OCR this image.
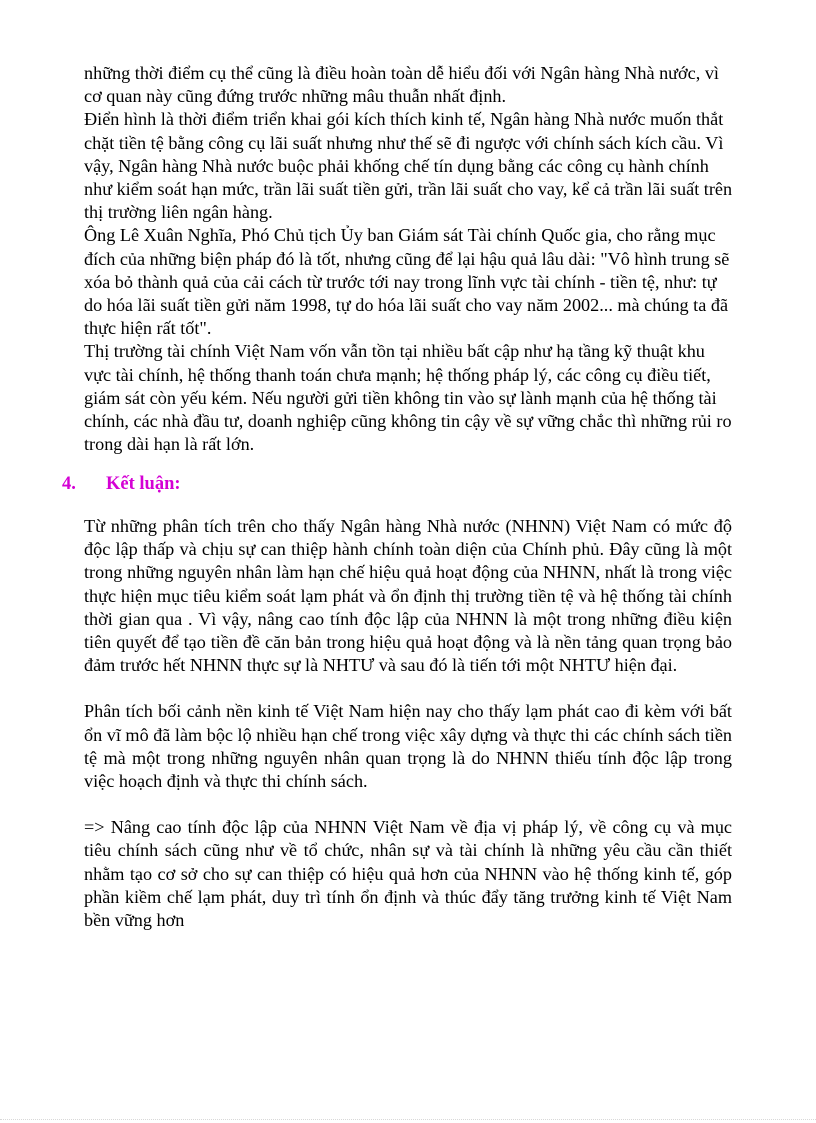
những thời điểm cụ thể cũng là điều hoàn toàn dễ hiểu đối với Ngân hàng Nhà nước, vì cơ quan này cũng đứng trước những mâu thuẫn nhất định.

Điển hình là thời điểm triển khai gói kích thích kinh tế, Ngân hàng Nhà nước muốn thắt chặt tiền tệ bằng công cụ lãi suất nhưng như thế sẽ đi ngược với chính sách kích cầu. Vì vậy, Ngân hàng Nhà nước buộc phải khống chế tín dụng bằng các công cụ hành chính như kiểm soát hạn mức, trần lãi suất tiền gửi, trần lãi suất cho vay, kể cả trần lãi suất trên thị trường liên ngân hàng.

Ông Lê Xuân Nghĩa, Phó Chủ tịch Ủy ban Giám sát Tài chính Quốc gia, cho rằng mục đích của những biện pháp đó là tốt, nhưng cũng để lại hậu quả lâu dài: "Vô hình trung sẽ xóa bỏ thành quả của cải cách từ trước tới nay trong lĩnh vực tài chính - tiền tệ, như: tự do hóa lãi suất tiền gửi năm 1998, tự do hóa lãi suất cho vay năm 2002... mà chúng ta đã thực hiện rất tốt".

Thị trường tài chính Việt Nam vốn vẫn tồn tại nhiều bất cập như hạ tầng kỹ thuật khu vực tài chính, hệ thống thanh toán chưa mạnh; hệ thống pháp lý, các công cụ điều tiết, giám sát còn yếu kém. Nếu người gửi tiền không tin vào sự lành mạnh của hệ thống tài chính, các nhà đầu tư, doanh nghiệp cũng không tin cậy về sự vững chắc thì những rủi ro trong dài hạn là rất lớn.

4. Kết luận:

Từ những phân tích trên cho thấy Ngân hàng Nhà nước (NHNN) Việt Nam có mức độ độc lập thấp và chịu sự can thiệp hành chính toàn diện của Chính phủ. Đây cũng là một trong những nguyên nhân làm hạn chế hiệu quả hoạt động của NHNN, nhất là trong việc thực hiện mục tiêu kiểm soát lạm phát và ổn định thị trường tiền tệ và hệ thống tài chính thời gian qua . Vì vậy, nâng cao tính độc lập của NHNN là một trong những điều kiện tiên quyết để tạo tiền đề căn bản trong hiệu quả hoạt động và là nền tảng quan trọng bảo đảm trước hết NHNN thực sự là NHTƯ và sau đó là tiến tới một NHTƯ hiện đại.

Phân tích bối cảnh nền kinh tế Việt Nam hiện nay cho thấy lạm phát cao đi kèm với bất ổn vĩ mô đã làm bộc lộ nhiều hạn chế trong việc xây dựng và thực thi các chính sách tiền tệ mà một trong những nguyên nhân quan trọng là do NHNN thiếu tính độc lập trong việc hoạch định và thực thi chính sách.

=> Nâng cao tính độc lập của NHNN Việt Nam về địa vị pháp lý, về công cụ và mục tiêu chính sách cũng như về tổ chức, nhân sự và tài chính là những yêu cầu cần thiết nhằm tạo cơ sở cho sự can thiệp có hiệu quả hơn của NHNN vào hệ thống kinh tế, góp phần kiềm chế lạm phát, duy trì tính ổn định và thúc đẩy tăng trưởng kinh tế Việt Nam bền vững hơn
